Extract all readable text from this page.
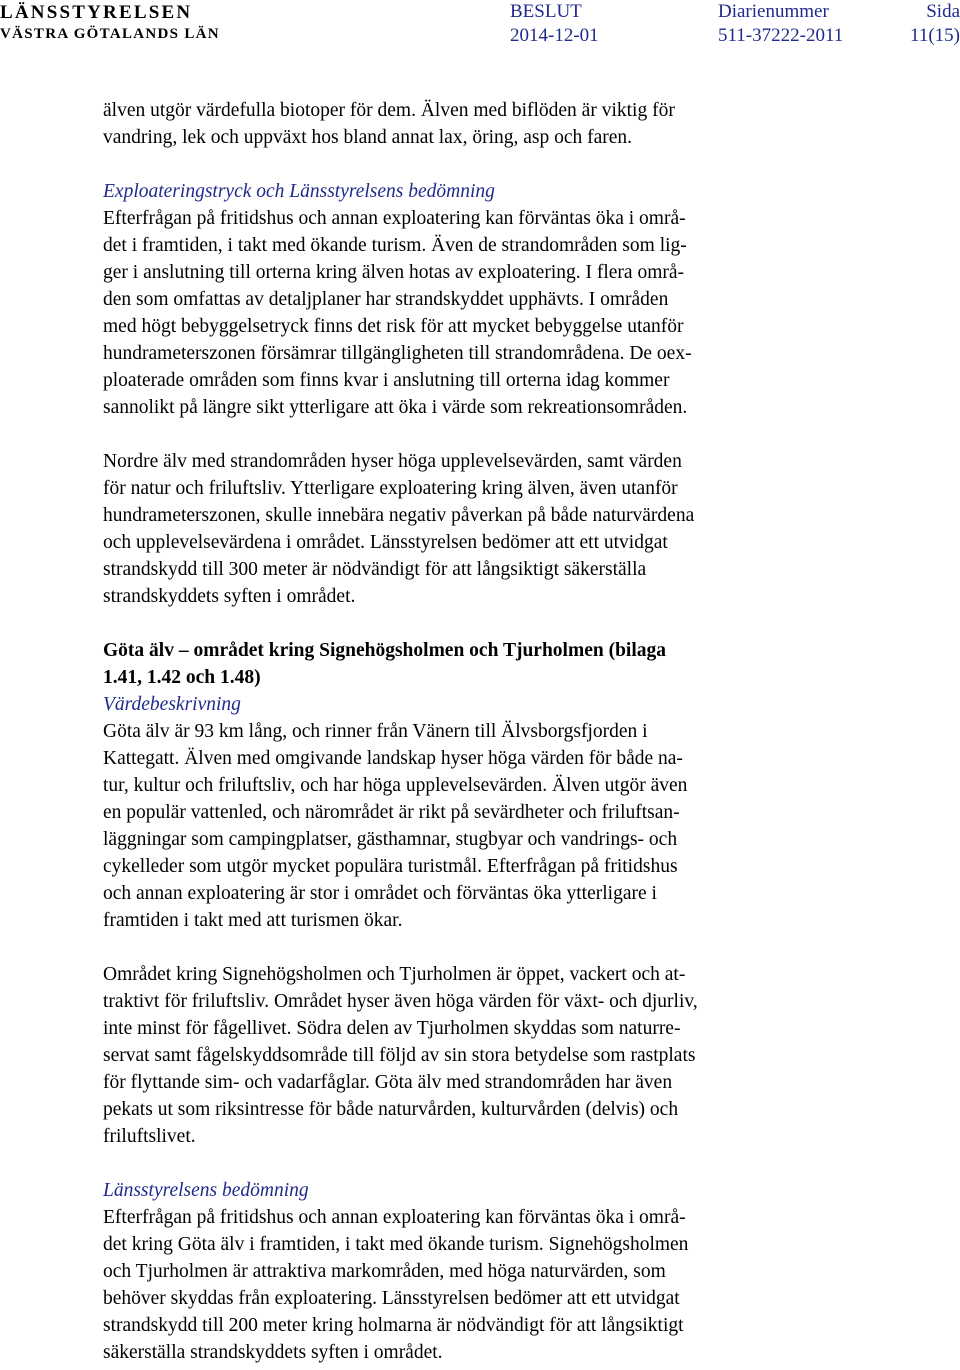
LÄNSSTYRELSEN
VÄSTRA GÖTALANDS LÄN
BESLUT
2014-12-01
Diarienummer
511-37222-2011
Sida
11(15)

älven utgör värdefulla biotoper för dem. Älven med biflöden är viktig för
vandring, lek och uppväxt hos bland annat lax, öring, asp och faren.

Exploateringstryck och Länsstyrelsens bedömning

Efterfrågan på fritidshus och annan exploatering kan förväntas öka i områ-
det i framtiden, i takt med ökande turism. Även de strandområden som lig-
ger i anslutning till orterna kring älven hotas av exploatering. I flera områ-
den som omfattas av detaljplaner har strandskyddet upphävts. I områden
med högt bebyggelsetryck finns det risk för att mycket bebyggelse utanför
hundrameterszonen försämrar tillgängligheten till strandområdena. De oex-
ploaterade områden som finns kvar i anslutning till orterna idag kommer
sannolikt på längre sikt ytterligare att öka i värde som rekreationsområden.

Nordre älv med strandområden hyser höga upplevelsevärden, samt värden
för natur och friluftsliv. Ytterligare exploatering kring älven, även utanför
hundrameterszonen, skulle innebära negativ påverkan på både naturvärdena
och upplevelsevärdena i området. Länsstyrelsen bedömer att ett utvidgat
strandskydd till 300 meter är nödvändigt för att långsiktigt säkerställa
strandskyddets syften i området.

Göta älv – området kring Signehögsholmen och Tjurholmen (bilaga
1.41, 1.42 och 1.48)
Värdebeskrivning

Göta älv är 93 km lång, och rinner från Vänern till Älvsborgsfjorden i
Kattegatt. Älven med omgivande landskap hyser höga värden för både na-
tur, kultur och friluftsliv, och har höga upplevelsevärden. Älven utgör även
en populär vattenled, och närområdet är rikt på sevärdheter och friluftsan-
läggningar som campingplatser, gästhamnar, stugbyar och vandrings- och
cykelleder som utgör mycket populära turistmål. Efterfrågan på fritidshus
och annan exploatering är stor i området och förväntas öka ytterligare i
framtiden i takt med att turismen ökar.

Området kring Signehögsholmen och Tjurholmen är öppet, vackert och at-
traktivt för friluftsliv. Området hyser även höga värden för växt- och djurliv,
inte minst för fågellivet. Södra delen av Tjurholmen skyddas som naturre-
servat samt fågelskyddsområde till följd av sin stora betydelse som rastplats
för flyttande sim- och vadarfåglar. Göta älv med strandområden har även
pekats ut som riksintresse för både naturvården, kulturvården (delvis) och
friluftslivet.

Länsstyrelsens bedömning

Efterfrågan på fritidshus och annan exploatering kan förväntas öka i områ-
det kring Göta älv i framtiden, i takt med ökande turism. Signehögsholmen
och Tjurholmen är attraktiva markområden, med höga naturvärden, som
behöver skyddas från exploatering. Länsstyrelsen bedömer att ett utvidgat
strandskydd till 200 meter kring holmarna är nödvändigt för att långsiktigt
säkerställa strandskyddets syften i området.
